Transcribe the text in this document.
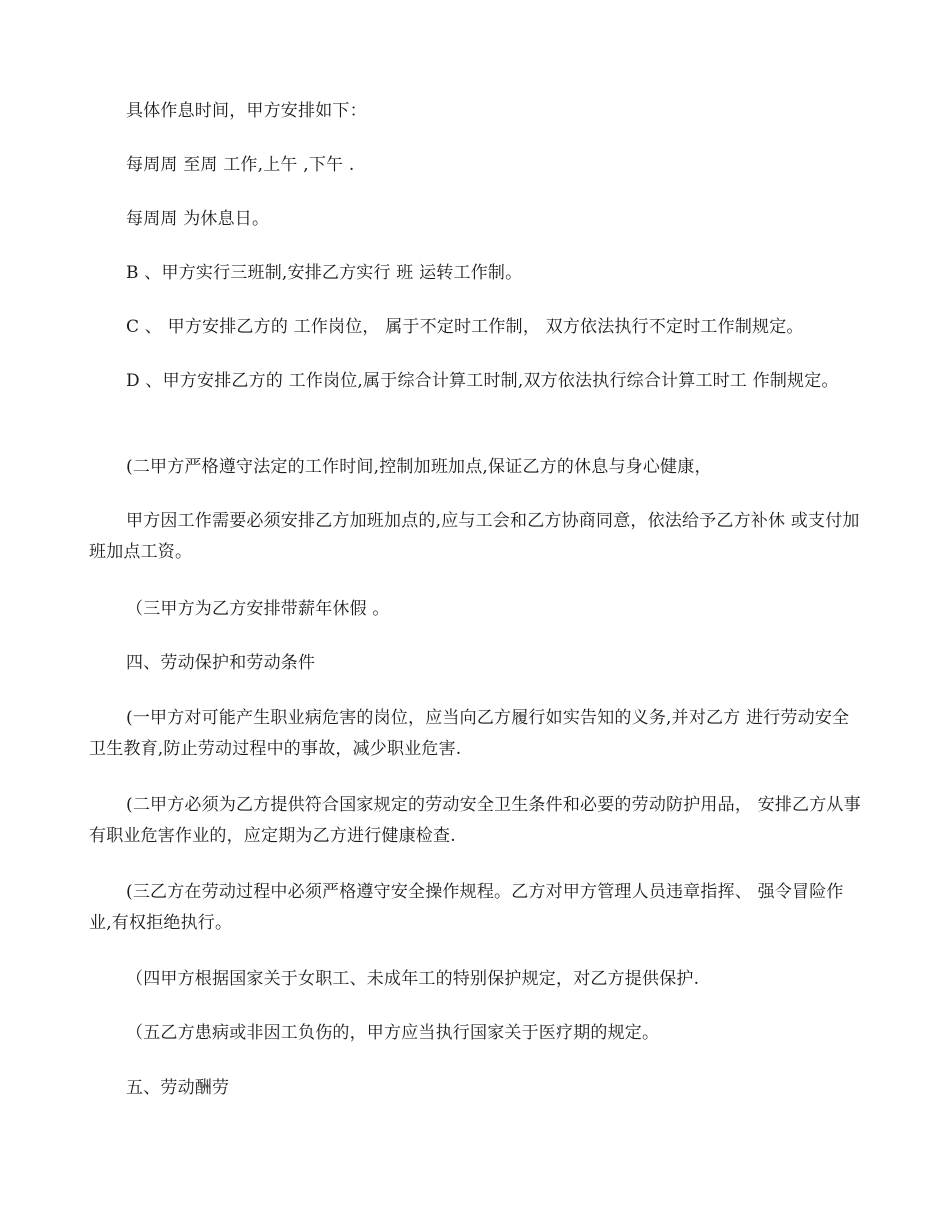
具体作息时间，甲方安排如下：

每周周 至周 工作,上午 ,下午 .

每周周 为休息日。

B 、甲方实行三班制,安排乙方实行 班 运转工作制。

C 、 甲方安排乙方的 工作岗位， 属于不定时工作制， 双方依法执行不定时工作制规定。

D 、甲方安排乙方的 工作岗位,属于综合计算工时制,双方依法执行综合计算工时工 作制规定。

(二甲方严格遵守法定的工作时间,控制加班加点,保证乙方的休息与身心健康，

甲方因工作需要必须安排乙方加班加点的,应与工会和乙方协商同意，依法给予乙方补休 或支付加班加点工资。

（三甲方为乙方安排带薪年休假 。

四、劳动保护和劳动条件

(一甲方对可能产生职业病危害的岗位，应当向乙方履行如实告知的义务,并对乙方 进行劳动安全卫生教育,防止劳动过程中的事故，减少职业危害.

(二甲方必须为乙方提供符合国家规定的劳动安全卫生条件和必要的劳动防护用品， 安排乙方从事有职业危害作业的，应定期为乙方进行健康检查.

(三乙方在劳动过程中必须严格遵守安全操作规程。乙方对甲方管理人员违章指挥、 强令冒险作业,有权拒绝执行。

（四甲方根据国家关于女职工、未成年工的特别保护规定，对乙方提供保护.

（五乙方患病或非因工负伤的，甲方应当执行国家关于医疗期的规定。

五、劳动酬劳
